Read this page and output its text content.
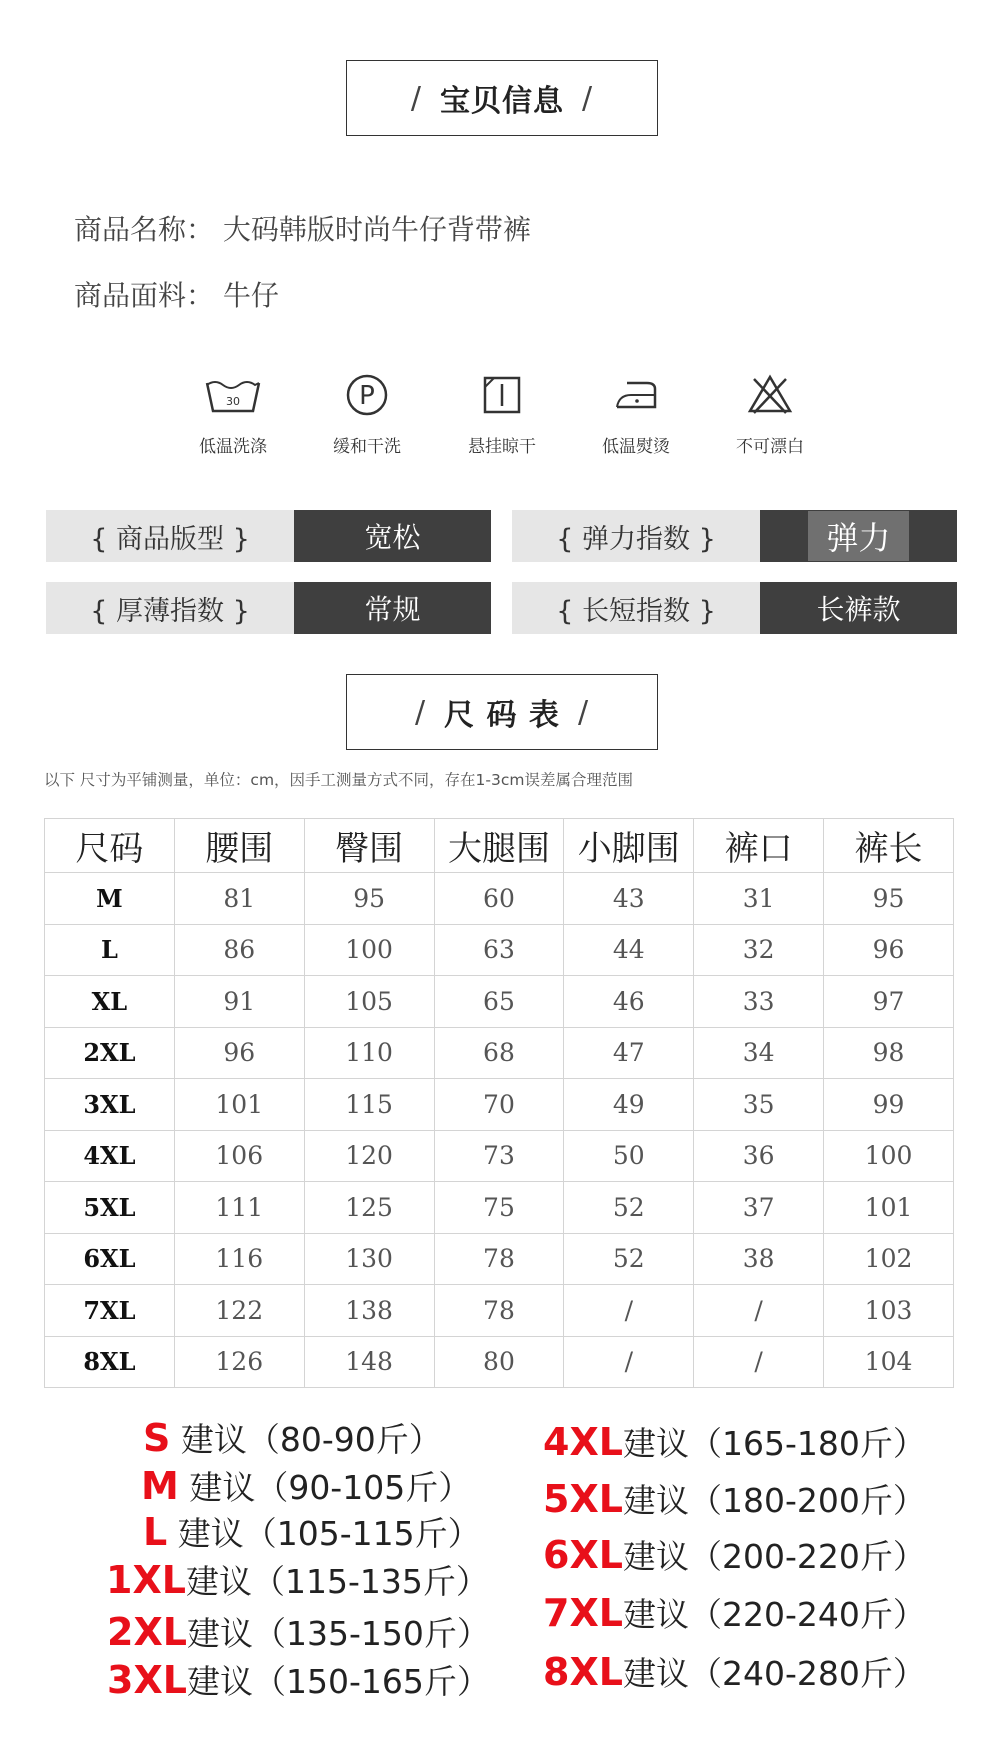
/ 宝贝信息 /
商品名称： 大码韩版时尚牛仔背带裤
商品面料： 牛仔
30
低温洗涤
P
缓和干洗	悬挂晾干	低温熨烫	不可漂白
{ 商品版型 }	宽松	{ 弹力指数 }	弹力
{ 厚薄指数 }	常规	{ 长短指数 }	长裤款
/ 尺 码 表 /
以下 尺寸为平铺测量，单位：cm，因手工测量方式不同，存在1-3cm误差属合理范围
尺码	腰围	臀围	大腿围	小脚围	裤口	裤长
M	81	95	60	43	31	95
L	86	100	63	44	32	96
XL	91	105	65	46	33	97
2XL	96	110	68	47	34	98
3XL	101	115	70	49	35	99
4XL	106	120	73	50	36	100
5XL	111	125	75	52	37	101
6XL	116	130	78	52	38	102
7XL	122	138	78	/	/	103
8XL	126	148	80	/	/	104
S 建议（80-90斤）
M 建议（90-105斤）
L 建议（105-115斤）
1XL建议（115-135斤）
2XL建议（135-150斤）
3XL建议（150-165斤）
4XL建议（165-180斤）
5XL建议（180-200斤）
6XL建议（200-220斤）
7XL建议（220-240斤）
8XL建议（240-280斤）
